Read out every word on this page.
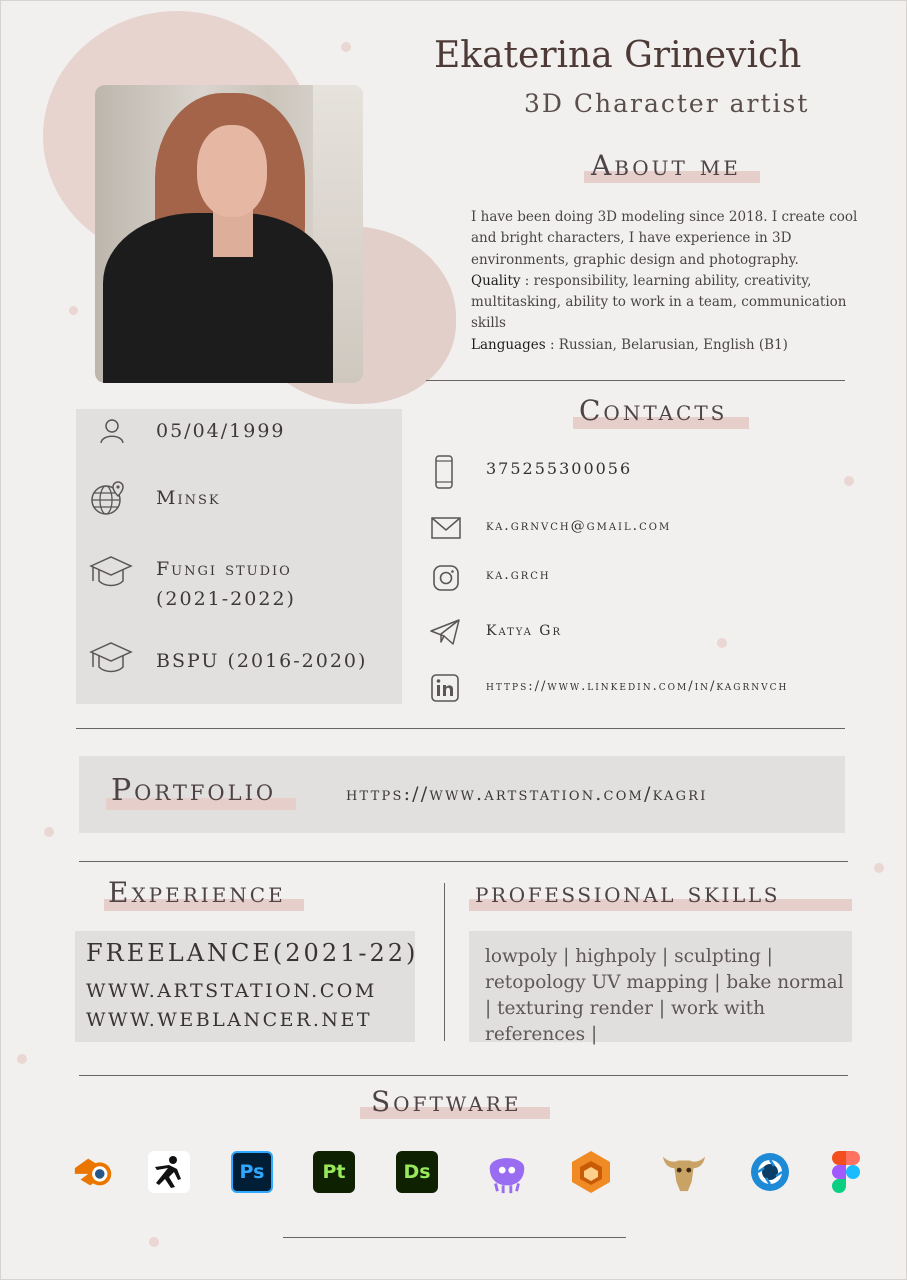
Ekaterina Grinevich
3D Character artist
About me
I have been doing 3D modeling since 2018. I create cool and bright characters, I have experience in 3D environments, graphic design and photography.
Quality : responsibility, learning ability, creativity, multitasking, ability to work in a team, communication skills
Languages : Russian, Belarusian, English (B1)
05/04/1999
Minsk
Fungi studio
(2021-2022)
BSPU (2016-2020)
Contacts
375255300056
ka.grnvch@gmail.com
ka.grch
Katya Gr
https://www.linkedin.com/in/kagrnvch
Portfolio	https://www.artstation.com/kagri
Experience
FREELANCE(2021-22)
WWW.ARTSTATION.COM
WWW.WEBLANCER.NET
professional skills
lowpoly | highpoly | sculpting | retopology UV mapping | bake normal | texturing render | work with references |
Software
Ps	Pt	Ds
